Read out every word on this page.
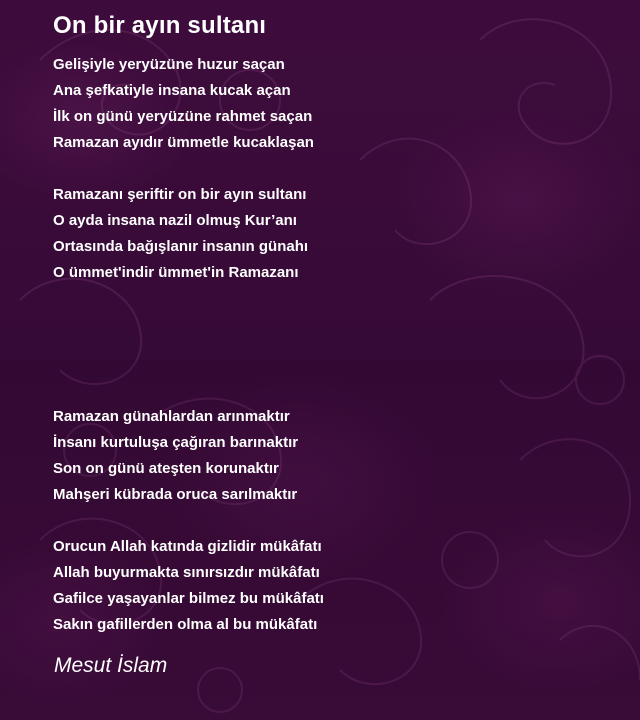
On bir ayın sultanı
Gelişiyle yeryüzüne huzur saçan
Ana şefkatiyle insana kucak açan
İlk on günü yeryüzüne rahmet saçan
Ramazan ayıdır ümmetle kucaklaşan
Ramazanı şeriftir on bir ayın sultanı
O ayda insana nazil olmuş Kur’anı
Ortasında bağışlanır insanın günahı
O ümmet'indir ümmet'in Ramazanı
Ramazan günahlardan arınmaktır
İnsanı kurtuluşa çağıran barınaktır
Son on günü ateşten korunaktır
Mahşeri kübrada oruca sarılmaktır
Orucun Allah katında gizlidir mükâfatı
Allah buyurmakta sınırsızdır mükâfatı
Gafilce yaşayanlar bilmez bu mükâfatı
Sakın gafillerden olma al bu mükâfatı
Mesut İslam
